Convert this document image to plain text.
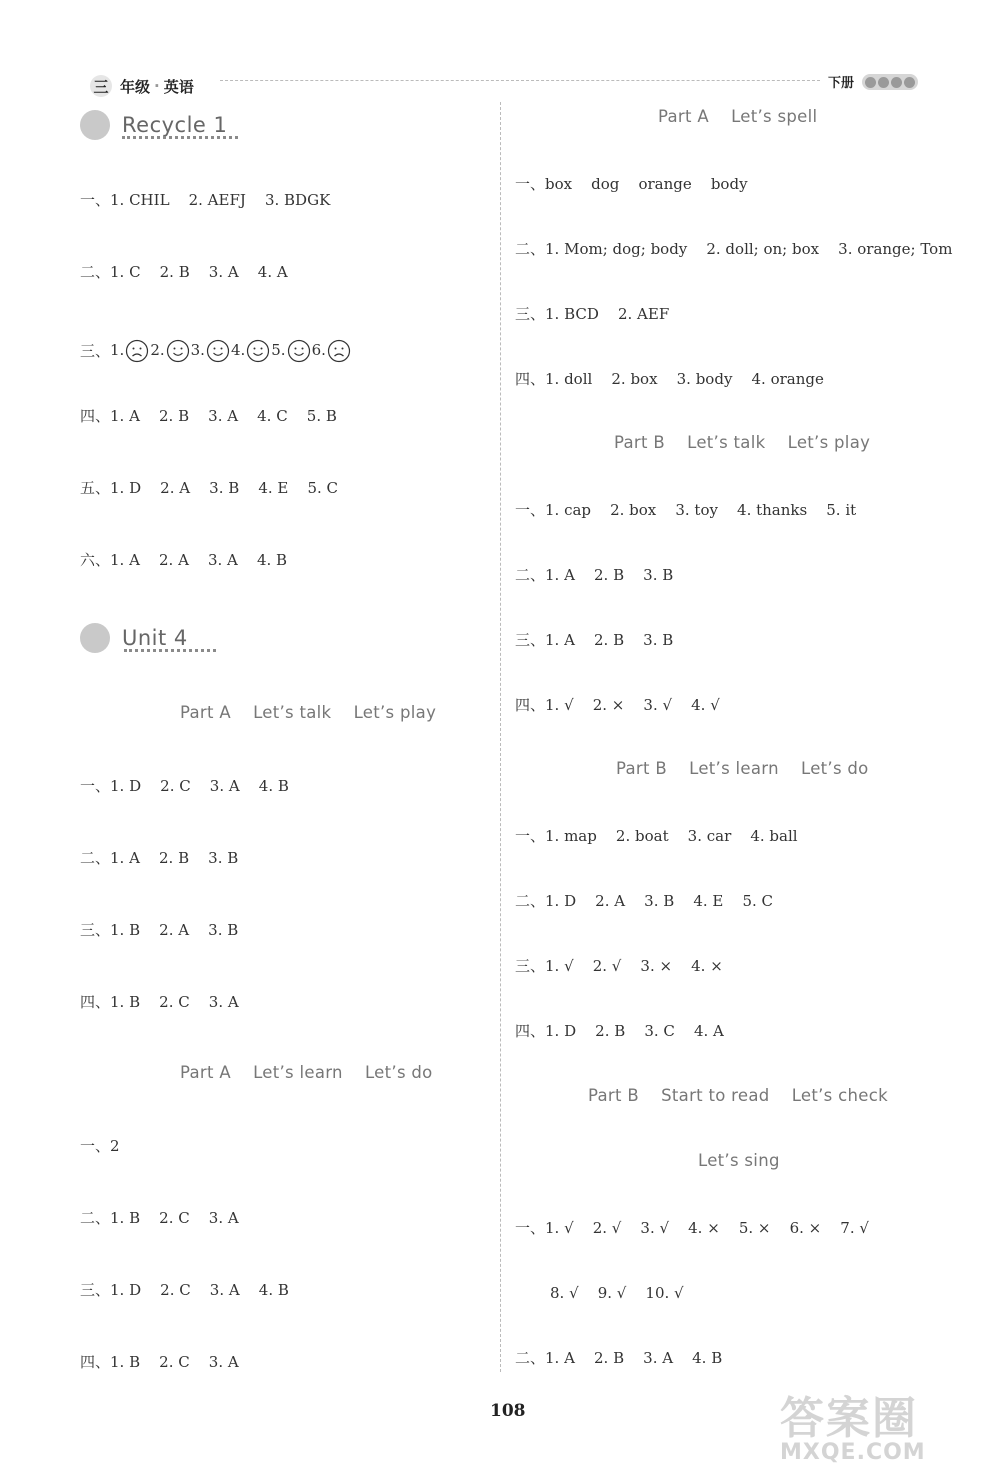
三 年级 · 英语	下册
Recycle 1
一、1. CHIL    2. AEFJ    3. BDGK
二、1. C    2. B    3. A    4. A
三、 1.	2.	3.	4.	5.	6.
四、1. A    2. B    3. A    4. C    5. B
五、1. D    2. A    3. B    4. E    5. C
六、1. A    2. A    3. A    4. B
Unit 4
Part A    Let’s talk    Let’s play
一、1. D    2. C    3. A    4. B
二、1. A    2. B    3. B
三、1. B    2. A    3. B
四、1. B    2. C    3. A
Part A    Let’s learn    Let’s do
一、2
二、1. B    2. C    3. A
三、1. D    2. C    3. A    4. B
四、1. B    2. C    3. A
Part A    Let’s spell
一、box    dog    orange    body
二、1. Mom; dog; body    2. doll; on; box    3. orange; Tom
三、1. BCD    2. AEF
四、1. doll    2. box    3. body    4. orange
Part B    Let’s talk    Let’s play
一、1. cap    2. box    3. toy    4. thanks    5. it
二、1. A    2. B    3. B
三、1. A    2. B    3. B
四、1. √    2. ×    3. √    4. √
Part B    Let’s learn    Let’s do
一、1. map    2. boat    3. car    4. ball
二、1. D    2. A    3. B    4. E    5. C
三、1. √    2. √    3. ×    4. ×
四、1. D    2. B    3. C    4. A
Part B    Start to read    Let’s check
Let’s sing
一、1. √    2. √    3. √    4. ×    5. ×    6. ×    7. √
8. √    9. √    10. √
二、1. A    2. B    3. A    4. B
108	答案圈
MXQE.COM
